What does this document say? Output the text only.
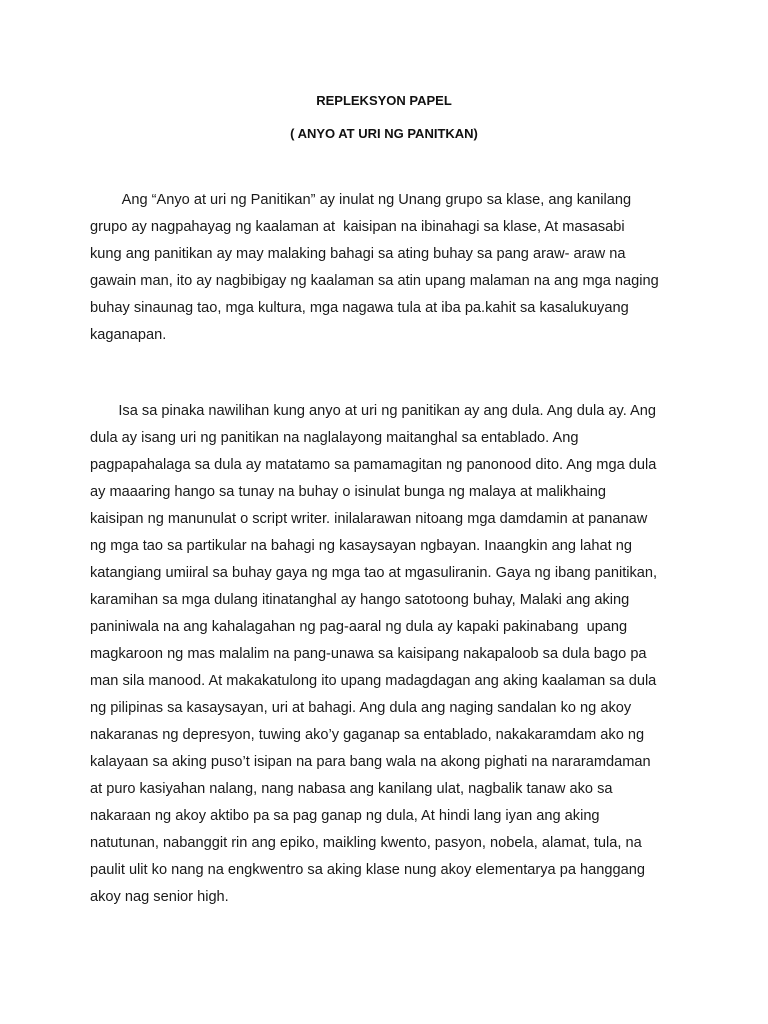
REPLEKSYON PAPEL
( ANYO AT URI NG PANITKAN)

Ang “Anyo at uri ng Panitikan” ay inulat ng Unang grupo sa klase, ang kanilang
grupo ay nagpahayag ng kaalaman at  kaisipan na ibinahagi sa klase, At masasabi
kung ang panitikan ay may malaking bahagi sa ating buhay sa pang araw- araw na
gawain man, ito ay nagbibigay ng kaalaman sa atin upang malaman na ang mga naging
buhay sinaunag tao, mga kultura, mga nagawa tula at iba pa.kahit sa kasalukuyang
kaganapan.

Isa sa pinaka nawilihan kung anyo at uri ng panitikan ay ang dula. Ang dula ay. Ang
dula ay isang uri ng panitikan na naglalayong maitanghal sa entablado. Ang
pagpapahalaga sa dula ay matatamo sa pamamagitan ng panonood dito. Ang mga dula
ay maaaring hango sa tunay na buhay o isinulat bunga ng malaya at malikhaing
kaisipan ng manunulat o script writer. inilalarawan nitoang mga damdamin at pananaw
ng mga tao sa partikular na bahagi ng kasaysayan ngbayan. Inaangkin ang lahat ng
katangiang umiiral sa buhay gaya ng mga tao at mgasuliranin. Gaya ng ibang panitikan,
karamihan sa mga dulang itinatanghal ay hango satotoong buhay, Malaki ang aking
paniniwala na ang kahalagahan ng pag-aaral ng dula ay kapaki pakinabang  upang
magkaroon ng mas malalim na pang-unawa sa kaisipang nakapaloob sa dula bago pa
man sila manood. At makakatulong ito upang madagdagan ang aking kaalaman sa dula
ng pilipinas sa kasaysayan, uri at bahagi. Ang dula ang naging sandalan ko ng akoy
nakaranas ng depresyon, tuwing ako’y gaganap sa entablado, nakakaramdam ako ng
kalayaan sa aking puso’t isipan na para bang wala na akong pighati na nararamdaman
at puro kasiyahan nalang, nang nabasa ang kanilang ulat, nagbalik tanaw ako sa
nakaraan ng akoy aktibo pa sa pag ganap ng dula, At hindi lang iyan ang aking
natutunan, nabanggit rin ang epiko, maikling kwento, pasyon, nobela, alamat, tula, na
paulit ulit ko nang na engkwentro sa aking klase nung akoy elementarya pa hanggang
akoy nag senior high.
